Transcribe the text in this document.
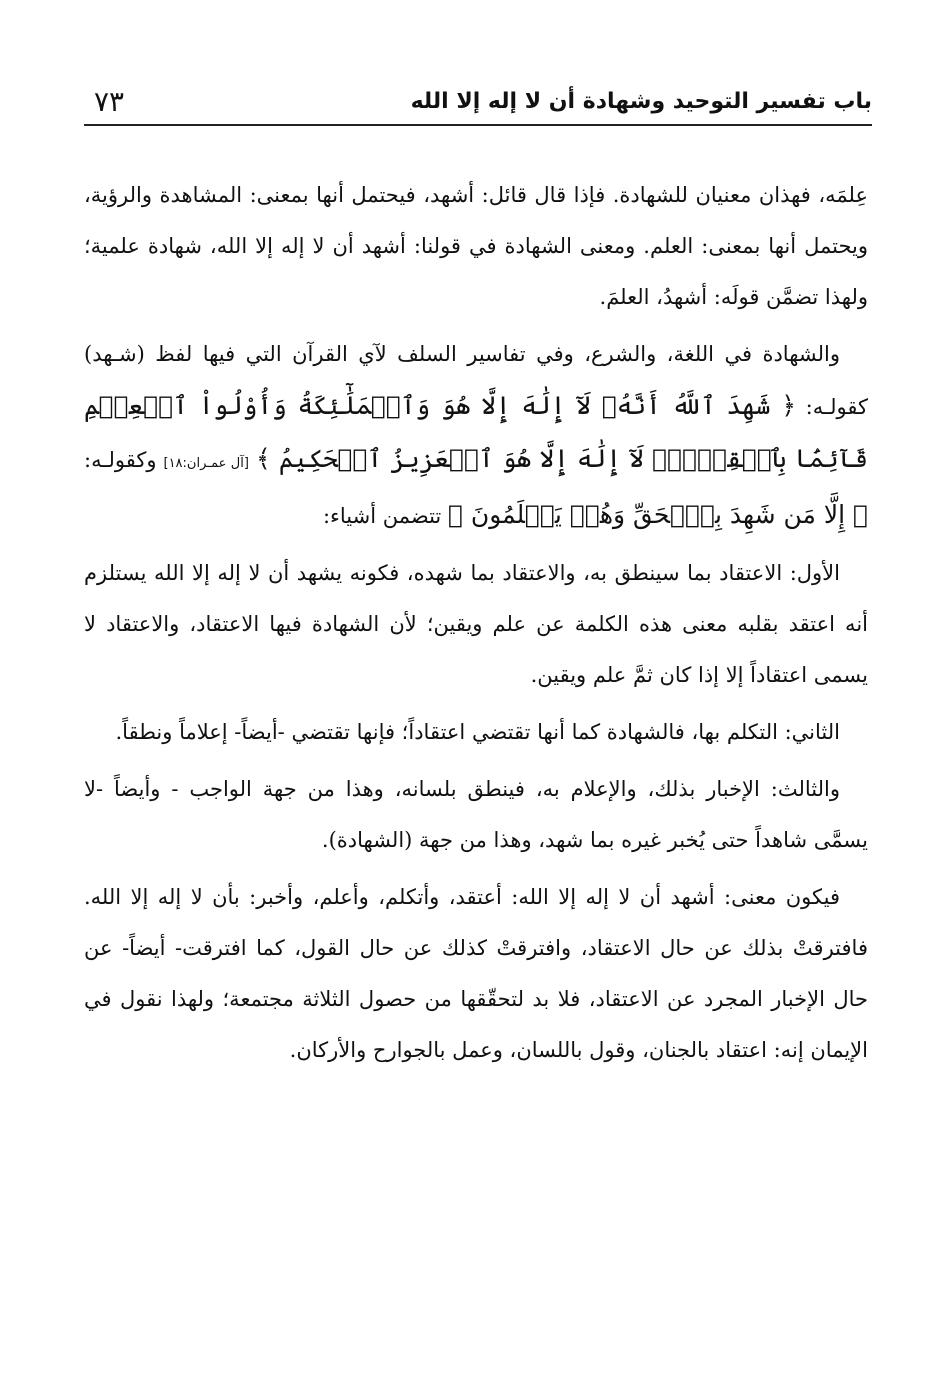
٧٣	باب تفسير التوحيد وشهادة أن لا إله إلا الله

عِلمَه، فهذان معنيان للشهادة. فإذا قال قائل: أشهد، فيحتمل أنها بمعنى: المشاهدة والرؤية، ويحتمل أنها بمعنى: العلم. ومعنى الشهادة في قولنا: أشهد أن لا إله إلا الله، شهادة علمية؛ ولهذا تضمَّن قولَه: أشهدُ، العلمَ.

والشهادة في اللغة، والشرع، وفي تفاسير السلف لآي القرآن التي فيها لفظ (شـهد) كقولـه: ﴿ شَهِدَ ٱللَّهُ أَنَّهُۥ لَآ إِلَٰهَ إِلَّا هُوَ وَٱلۡمَلَٰٓئِكَةُ وَأُوْلُواْ ٱلۡعِلۡمِ قَآئِمَۢا بِٱلۡقِسۡطِۚ لَآ إِلَٰهَ إِلَّا هُوَ ٱلۡعَزِيزُ ٱلۡحَكِيمُ ﴾ [آل عمـران:١٨] وكقولـه: ﴿ إِلَّا مَن شَهِدَ بِٱلۡحَقِّ وَهُمۡ يَعۡلَمُونَ ﴾ تتضمن أشياء:

الأول: الاعتقاد بما سينطق به، والاعتقاد بما شهده، فكونه يشهد أن لا إله إلا الله يستلزم أنه اعتقد بقلبه معنى هذه الكلمة عن علم ويقين؛ لأن الشهادة فيها الاعتقاد، والاعتقاد لا يسمى اعتقاداً إلا إذا كان ثمَّ علم ويقين.

الثاني: التكلم بها، فالشهادة كما أنها تقتضي اعتقاداً؛ فإنها تقتضي -أيضاً- إعلاماً ونطقاً.

والثالث: الإخبار بذلك، والإعلام به، فينطق بلسانه، وهذا من جهة الواجب - وأيضاً -لا يسمَّى شاهداً حتى يُخبر غيره بما شهد، وهذا من جهة (الشهادة).

فيكون معنى: أشهد أن لا إله إلا الله: أعتقد، وأتكلم، وأعلم، وأخبر: بأن لا إله إلا الله. فافترقتْ بذلك عن حال الاعتقاد، وافترقتْ كذلك عن حال القول، كما افترقت- أيضاً- عن حال الإخبار المجرد عن الاعتقاد، فلا بد لتحقّقها من حصول الثلاثة مجتمعة؛ ولهذا نقول في الإيمان إنه: اعتقاد بالجنان، وقول باللسان، وعمل بالجوارح والأركان.
